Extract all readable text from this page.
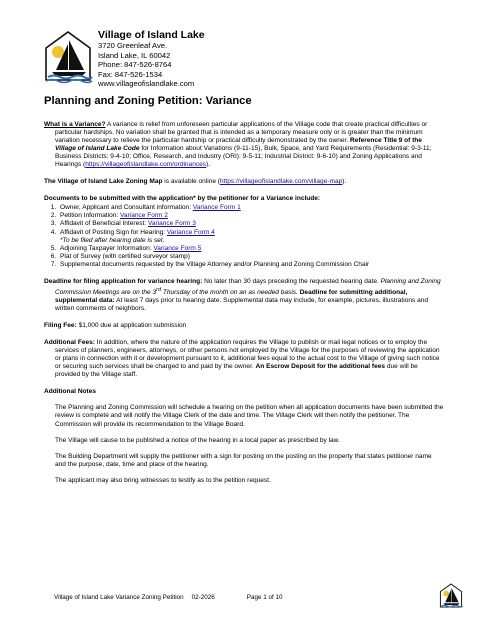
Village of Island Lake
3720 Greenleaf Ave.
Island Lake, IL 60042
Phone: 847-526-8764
Fax: 847-526-1534
www.villageofislandlake.com
Planning and Zoning Petition: Variance

What is a Variance? A variance is relief from unforeseen particular applications of the Village code that create practical difficulties or particular hardships. No variation shall be granted that is intended as a temporary measure only or is greater than the minimum variation necessary to relieve the particular hardship or practical difficulty demonstrated by the owner. Reference Title 9 of the Village of Island Lake Code for Information about Variations (9-11-15), Bulk, Space, and Yard Requirements (Residential: 9-3-11; Business Districts: 9-4-10; Office, Research, and Industry (ORI): 9-5-11; Industrial District: 9-6-10) and Zoning Applications and Hearings (https://villageofislandlake.com/ordinances).

The Village of Island Lake Zoning Map is available online (https://villageofislandlake.com/village-map).

Documents to be submitted with the application* by the petitioner for a Variance include:
1. Owner, Applicant and Consultant information: Variance Form 1
2. Petition Information: Variance Form 2
3. Affidavit of Beneficial Interest: Variance Form 3
4. Affidavit of Posting Sign for Hearing: Variance Form 4
*To be filed after hearing date is set.
5. Adjoining Taxpayer Information: Variance Form 5
6. Plat of Survey (with certified surveyor stamp)
7. Supplemental documents requested by the Village Attorney and/or Planning and Zoning Commission Chair

Deadline for filing application for variance hearing: No later than 30 days preceding the requested hearing date. Planning and Zoning Commission Meetings are on the 3rd Thursday of the month on an as needed basis. Deadline for submitting additional, supplemental data: At least 7 days prior to hearing date. Supplemental data may include, for example, pictures, illustrations and written comments of neighbors.

Filing Fee: $1,000 due at application submission

Additional Fees: In addition, where the nature of the application requires the Village to publish or mail legal notices or to employ the services of planners, engineers, attorneys, or other persons not employed by the Village for the purposes of reviewing the application or plans in connection with it or development pursuant to it, additional fees equal to the actual cost to the Village of giving such notice or securing such services shall be charged to and paid by the owner. An Escrow Deposit for the additional fees due will be provided by the Village staff.

Additional Notes

The Planning and Zoning Commission will schedule a hearing on the petition when all application documents have been submitted the review is complete and will notify the Village Clerk of the date and time. The Village Clerk will then notify the petitioner. The Commission will provide its recommendation to the Village Board.

The Village will cause to be published a notice of the hearing in a local paper as prescribed by law.

The Building Department will supply the petitioner with a sign for posting on the posting on the property that states petitioner name and the purpose, date, time and place of the hearing.

The applicant may also bring witnesses to testify as to the petition request.

Village of Island Lake Variance Zoning Petition 02-2026	Page 1 of 10
